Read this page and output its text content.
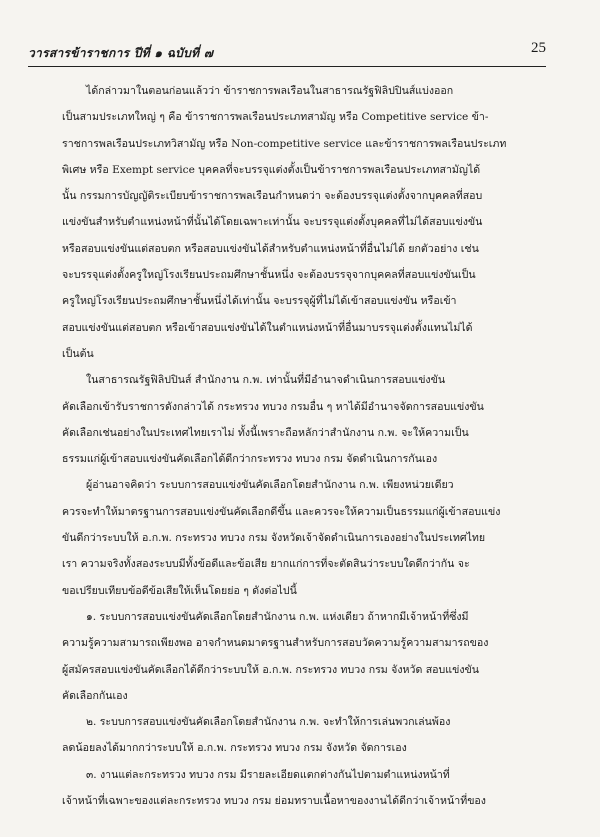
วารสารข้าราชการ ปีที่ ๑ ฉบับที่ ๗	25

ได้กล่าวมาในตอนก่อนแล้วว่า ข้าราชการพลเรือนในสาธารณรัฐฟิลิปปินส์แบ่งออก
เป็นสามประเภทใหญ่ ๆ คือ ข้าราชการพลเรือนประเภทสามัญ หรือ Competitive service ข้า-
ราชการพลเรือนประเภทวิสามัญ หรือ Non-competitive service และข้าราชการพลเรือนประเภท
พิเศษ หรือ Exempt service บุคคลที่จะบรรจุแต่งตั้งเป็นข้าราชการพลเรือนประเภทสามัญได้
นั้น กรรมการบัญญัติระเบียบข้าราชการพลเรือนกำหนดว่า จะต้องบรรจุแต่งตั้งจากบุคคลที่สอบ
แข่งขันสำหรับตำแหน่งหน้าที่นั้นได้โดยเฉพาะเท่านั้น จะบรรจุแต่งตั้งบุคคลที่ไม่ได้สอบแข่งขัน
หรือสอบแข่งขันแต่สอบตก หรือสอบแข่งขันได้สำหรับตำแหน่งหน้าที่อื่นไม่ได้ ยกตัวอย่าง เช่น
จะบรรจุแต่งตั้งครูใหญ่โรงเรียนประถมศึกษาชั้นหนึ่ง จะต้องบรรจุจากบุคคลที่สอบแข่งขันเป็น
ครูใหญ่โรงเรียนประถมศึกษาชั้นหนึ่งได้เท่านั้น จะบรรจุผู้ที่ไม่ได้เข้าสอบแข่งขัน หรือเข้า
สอบแข่งขันแต่สอบตก หรือเข้าสอบแข่งขันได้ในตำแหน่งหน้าที่อื่นมาบรรจุแต่งตั้งแทนไม่ได้
เป็นต้น

ในสาธารณรัฐฟิลิปปินส์ สำนักงาน ก.พ. เท่านั้นที่มีอำนาจดำเนินการสอบแข่งขัน
คัดเลือกเข้ารับราชการดังกล่าวได้ กระทรวง ทบวง กรมอื่น ๆ หาได้มีอำนาจจัดการสอบแข่งขัน
คัดเลือกเช่นอย่างในประเทศไทยเราไม่ ทั้งนี้เพราะถือหลักว่าสำนักงาน ก.พ. จะให้ความเป็น
ธรรมแก่ผู้เข้าสอบแข่งขันคัดเลือกได้ดีกว่ากระทรวง ทบวง กรม จัดดำเนินการกันเอง

ผู้อ่านอาจคิดว่า ระบบการสอบแข่งขันคัดเลือกโดยสำนักงาน ก.พ. เพียงหน่วยเดียว
ควรจะทำให้มาตรฐานการสอบแข่งขันคัดเลือกดีขึ้น และควรจะให้ความเป็นธรรมแก่ผู้เข้าสอบแข่ง
ขันดีกว่าระบบให้ อ.ก.พ. กระทรวง ทบวง กรม จังหวัดเจ้าจัดดำเนินการเองอย่างในประเทศไทย
เรา ความจริงทั้งสองระบบมีทั้งข้อดีและข้อเสีย ยากแก่การที่จะตัดสินว่าระบบใดดีกว่ากัน จะ
ขอเปรียบเทียบข้อดีข้อเสียให้เห็นโดยย่อ ๆ ดังต่อไปนี้

๑. ระบบการสอบแข่งขันคัดเลือกโดยสำนักงาน ก.พ. แห่งเดียว ถ้าหากมีเจ้าหน้าที่ซึ่งมี
ความรู้ความสามารถเพียงพอ อาจกำหนดมาตรฐานสำหรับการสอบวัดความรู้ความสามารถของ
ผู้สมัครสอบแข่งขันคัดเลือกได้ดีกว่าระบบให้ อ.ก.พ. กระทรวง ทบวง กรม จังหวัด สอบแข่งขัน
คัดเลือกกันเอง

๒. ระบบการสอบแข่งขันคัดเลือกโดยสำนักงาน ก.พ. จะทำให้การเล่นพวกเล่นพ้อง
ลดน้อยลงได้มากกว่าระบบให้ อ.ก.พ. กระทรวง ทบวง กรม จังหวัด จัดการเอง

๓. งานแต่ละกระทรวง ทบวง กรม มีรายละเอียดแตกต่างกันไปตามตำแหน่งหน้าที่
เจ้าหน้าที่เฉพาะของแต่ละกระทรวง ทบวง กรม ย่อมทราบเนื้อหาของงานได้ดีกว่าเจ้าหน้าที่ของ
